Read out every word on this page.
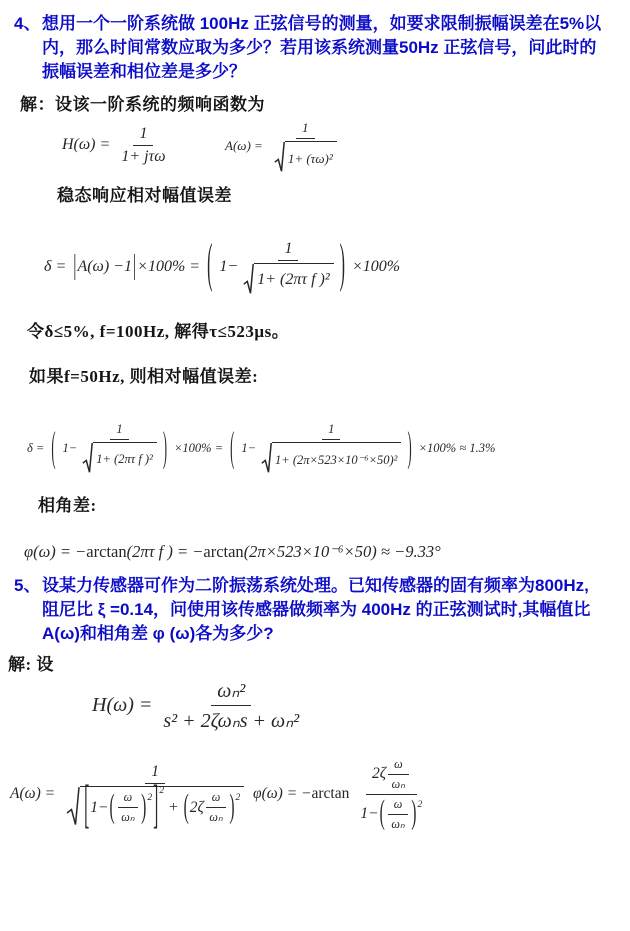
4、 想用一个一阶系统做 100Hz 正弦信号的测量，如要求限制振幅误差在5%以
内，那么时间常数应取为多少？若用该系统测量50Hz 正弦信号，问此时的
振幅误差和相位差是多少？
解：设该一阶系统的频响函数为
$H(\omega) = \frac{1}{\text{1+ jτω}}$	$A(\omega) = \frac{1}{\text{1+ (τω)²}}$
稳态响应相对幅值误差
δ = | A(ω) −1 | ×100% = ( $1- \frac{1}{\text{1+ (2πτ f )²}}$ ) ×100%
令δ≤5%, f=100Hz, 解得τ≤523μs。
如果f=50Hz, 则相对幅值误差:
δ = ( $1- \frac{1}{\text{1+ (2πτ f )²}}$ ) ×100% = ( $1- \frac{1}{\text{1+ (2π×523×10⁻⁶×50)²}}$ ) ×100% ≈ 1.3%
相角差:
φ(ω) = − arctan (2πτ f ) = − arctan (2π×523×10⁻⁶×50) ≈ −9.33°
5、 设某力传感器可作为二阶振荡系统处理。已知传感器的固有频率为800Hz,
阻尼比 ξ =0.14，问使用该传感器做频率为 400Hz 的正弦测试时,其幅值比
A(ω)和相角差 φ (ω)各为多少?
解: 设
$H(\omega) = \frac{\text{ωₙ²}}{\text{s² + 2ζωₙs + ωₙ²}}$
A(ω) =
1
[ 1− ( $\frac{\omega}{\text{ωₙ}}$ ) 2 ] 2
+ ( $2\zeta \frac{\omega}{\text{ωₙ}}$ ) 2 φ(ω) = − arctan
$2\zeta \frac{\omega}{\text{ωₙ}}$
1− ( $\frac{\omega}{\text{ωₙ}}$ ) 2
